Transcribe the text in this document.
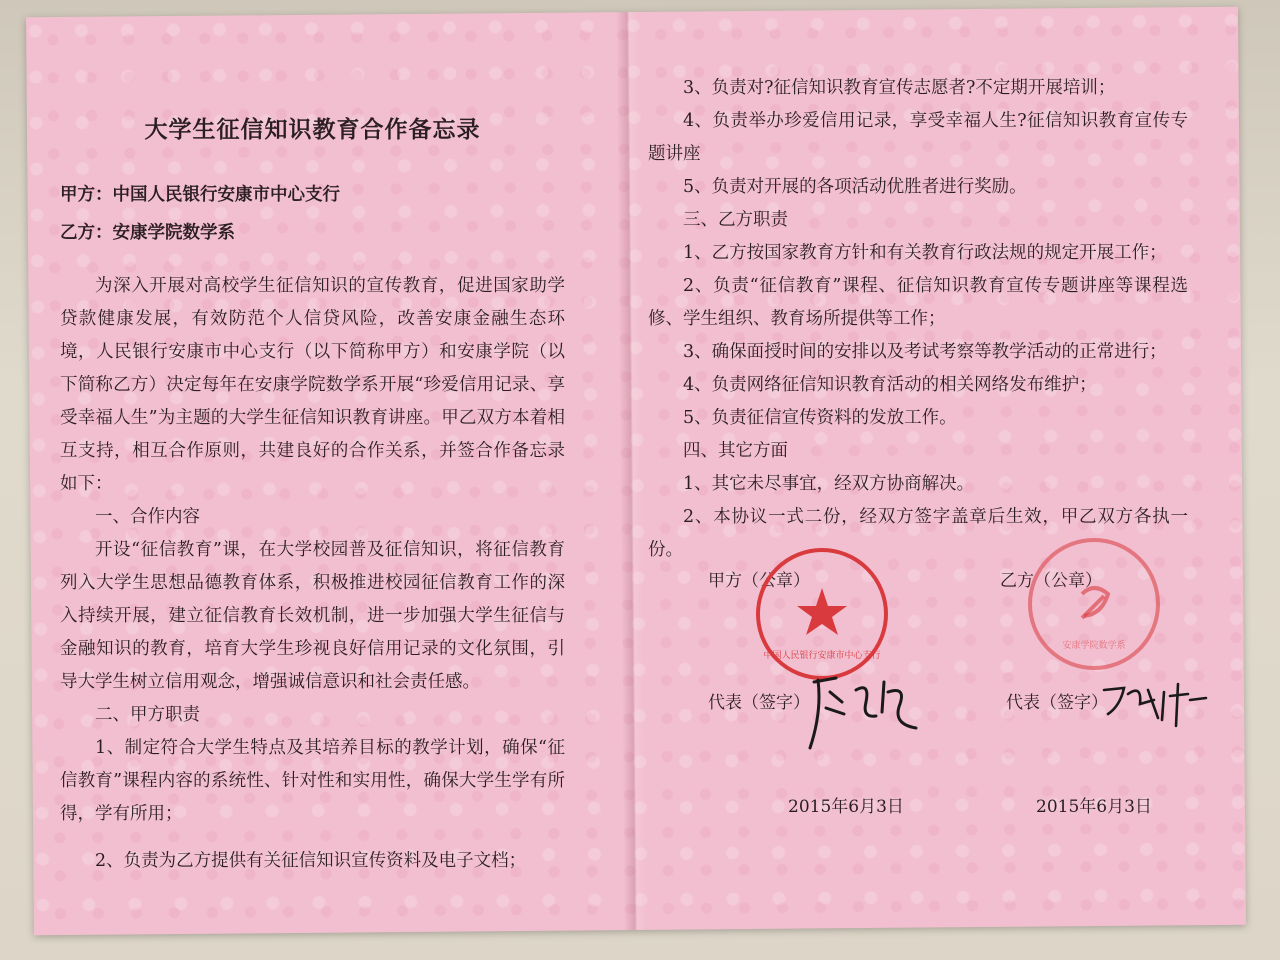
大学生征信知识教育合作备忘录
甲方：中国人民银行安康市中心支行
乙方：安康学院数学系

为深入开展对高校学生征信知识的宣传教育，促进国家助学贷款健康发展，有效防范个人信贷风险，改善安康金融生态环境，人民银行安康市中心支行（以下简称甲方）和安康学院（以下简称乙方）决定每年在安康学院数学系开展“珍爱信用记录、享受幸福人生”为主题的大学生征信知识教育讲座。甲乙双方本着相互支持，相互合作原则，共建良好的合作关系，并签合作备忘录如下：

一、合作内容

开设“征信教育”课，在大学校园普及征信知识，将征信教育列入大学生思想品德教育体系，积极推进校园征信教育工作的深入持续开展，建立征信教育长效机制，进一步加强大学生征信与金融知识的教育，培育大学生珍视良好信用记录的文化氛围，引导大学生树立信用观念，增强诚信意识和社会责任感。

二、甲方职责

1、制定符合大学生特点及其培养目标的教学计划，确保“征信教育”课程内容的系统性、针对性和实用性，确保大学生学有所得，学有所用；

2、负责为乙方提供有关征信知识宣传资料及电子文档；

3、负责对?征信知识教育宣传志愿者?不定期开展培训；

4、负责举办珍爱信用记录，享受幸福人生?征信知识教育宣传专题讲座

5、负责对开展的各项活动优胜者进行奖励。

三、乙方职责

1、乙方按国家教育方针和有关教育行政法规的规定开展工作；

2、负责“征信教育”课程、征信知识教育宣传专题讲座等课程选修、学生组织、教育场所提供等工作；

3、确保面授时间的安排以及考试考察等教学活动的正常进行；

4、负责网络征信知识教育活动的相关网络发布维护；

5、负责征信宣传资料的发放工作。

四、其它方面

1、其它未尽事宜，经双方协商解决。

2、本协议一式二份，经双方签字盖章后生效，甲乙双方各执一份。

甲方（公章）	乙方（公章）
中国人民银行安康市中心支行
安康学院数学系
代表（签字）	代表（签字）
2015年6月3日	2015年6月3日
